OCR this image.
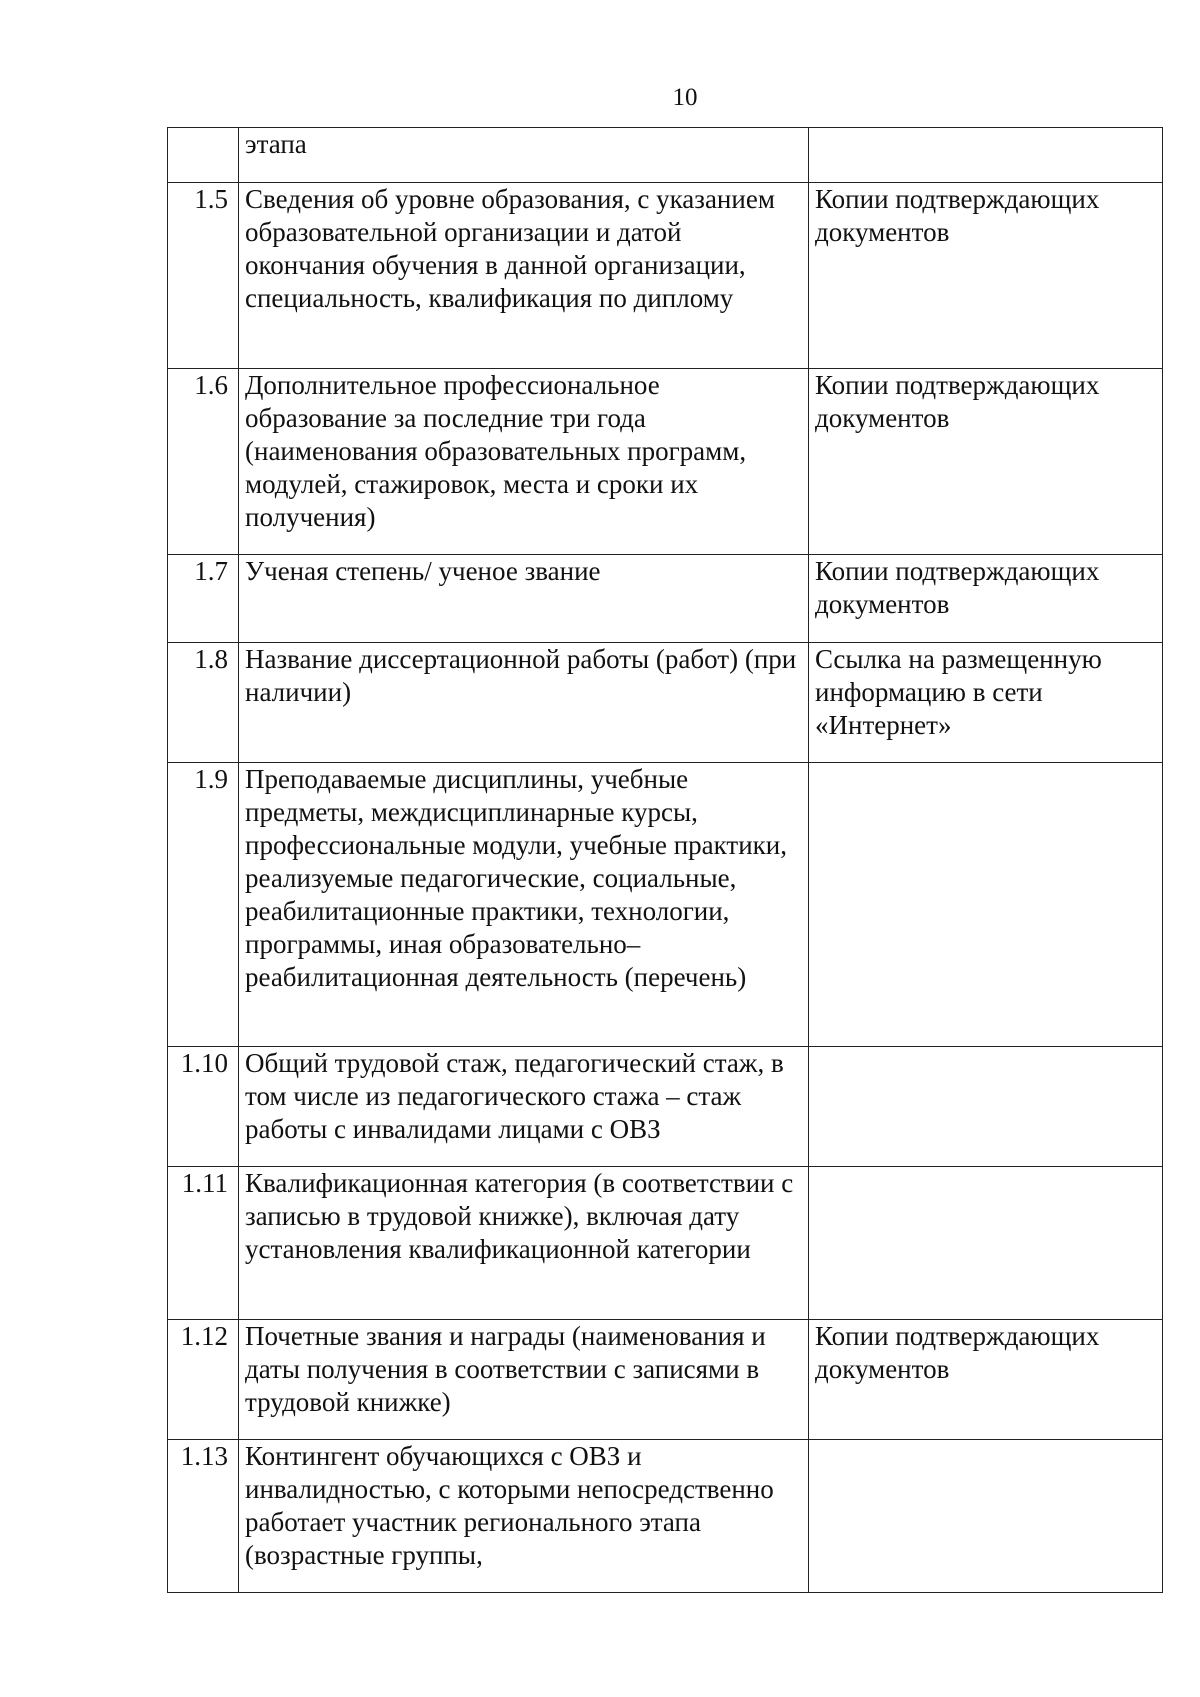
10
	этапа	
1.5	Сведения об уровне образования, с указанием образовательной организации и датой окончания обучения в данной организации, специальность, квалификация по диплому	Копии подтверждающих документов
1.6	Дополнительное профессиональное образование за последние три года (наименования образовательных программ, модулей, стажировок, места и сроки их получения)	Копии подтверждающих документов
1.7	Ученая степень/ ученое звание	Копии подтверждающих документов
1.8	Название диссертационной работы (работ) (при наличии)	Ссылка на размещенную информацию в сети «Интернет»
1.9	Преподаваемые дисциплины, учебные предметы, междисциплинарные курсы, профессиональные модули, учебные практики, реализуемые педагогические, социальные, реабилитационные практики, технологии, программы, иная образовательно–реабилитационная деятельность (перечень)	
1.10	Общий трудовой стаж, педагогический стаж, в том числе из педагогического стажа – стаж работы с инвалидами лицами с ОВЗ	
1.11	Квалификационная категория (в соответствии с записью в трудовой книжке), включая дату установления квалификационной категории	
1.12	Почетные звания и награды (наименования и даты получения в соответствии с записями в трудовой книжке)	Копии подтверждающих документов
1.13	Контингент обучающихся с ОВЗ и инвалидностью, с которыми непосредственно работает участник регионального этапа (возрастные группы,	
